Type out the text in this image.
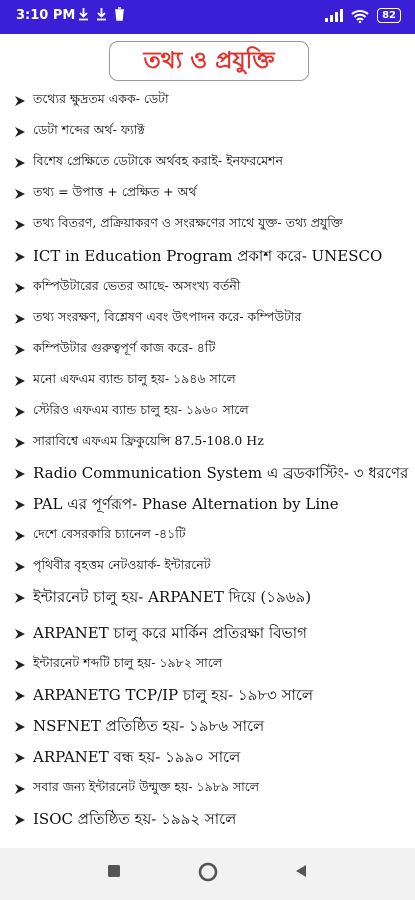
3:10 PM	82
তথ্য ও প্রযুক্তি
তথ্যের ক্ষুদ্রতম একক- ডেটা
ডেটা শব্দের অর্থ- ফ্যাক্ট
বিশেষ প্রেক্ষিতে ডেটাকে অর্থবহ করাই- ইনফরমেশন
তথ্য = উপাত্ত + প্রেক্ষিত + অর্থ
তথ্য বিতরণ, প্রক্রিয়াকরণ ও সংরক্ষণের সাথে যুক্ত- তথ্য প্রযুক্তি
ICT in Education Program প্রকাশ করে- UNESCO
কম্পিউটারের ভেতর আছে- অসংখ্য বর্তনী
তথ্য সংরক্ষণ, বিশ্লেষণ এবং উৎপাদন করে- কম্পিউটার
কম্পিউটার গুরুত্বপূর্ণ কাজ করে- ৪টি
মনো এফএম ব্যান্ড চালু হয়- ১৯৪৬ সালে
স্টেরিও এফএম ব্যান্ড চালু হয়- ১৯৬০ সালে
সারাবিশ্বে এফএম ফ্রিকুয়েন্সি 87.5-108.0 Hz
Radio Communication System এ ব্রডকাস্টিং- ৩ ধরণের
PAL এর পূর্ণরূপ- Phase Alternation by Line
দেশে বেসরকারি চ্যানেল -৪১টি
পৃথিবীর বৃহত্তম নেটওয়ার্ক- ইন্টারনেট
ইন্টারনেট চালু হয়- ARPANET দিয়ে (১৯৬৯)
ARPANET চালু করে মার্কিন প্রতিরক্ষা বিভাগ
ইন্টারনেট শব্দটি চালু হয়- ১৯৮২ সালে
ARPANETG TCP/IP চালু হয়- ১৯৮৩ সালে
NSFNET প্রতিষ্ঠিত হয়- ১৯৮৬ সালে
ARPANET বন্ধ হয়- ১৯৯০ সালে
সবার জন্য ইন্টারনেট উন্মুক্ত হয়- ১৯৮৯ সালে
ISOC প্রতিষ্ঠিত হয়- ১৯৯২ সালে
